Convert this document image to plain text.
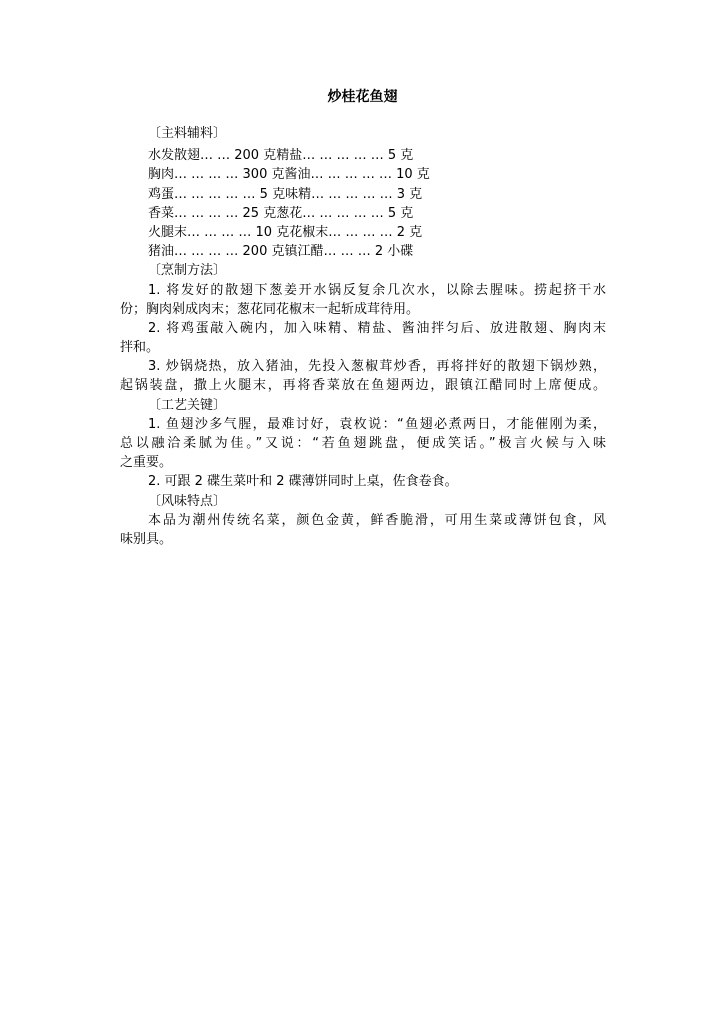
炒桂花鱼翅
〔主料辅料〕
水发散翅… … 200 克精盐… … … … … 5 克
胸肉… … … … 300 克酱油… … … … … 10 克
鸡蛋… … … … … 5 克味精… … … … … 3 克
香菜… … … … 25 克葱花… … … … … 5 克
火腿末… … … … 10 克花椒末… … … … 2 克
猪油… … … … 200 克镇江醋… … … 2 小碟
〔烹制方法〕
1. 将发好的散翅下葱姜开水锅反复余几次水，以除去腥味。捞起挤干水
份；胸肉剁成肉末；葱花同花椒末一起斩成茸待用。
2. 将鸡蛋敲入碗内，加入味精、精盐、酱油拌匀后、放进散翅、胸肉末
拌和。
3. 炒锅烧热，放入猪油，先投入葱椒茸炒香，再将拌好的散翅下锅炒熟，
起锅装盘，撒上火腿末，再将香菜放在鱼翅两边，跟镇江醋同时上席便成。
〔工艺关键〕
1. 鱼翅沙多气腥，最难讨好，袁枚说：“鱼翅必煮两日，才能催刚为柔，
总以融洽柔腻为佳。”又说：“若鱼翅跳盘，便成笑话。”极言火候与入味
之重要。
2. 可跟 2 碟生菜叶和 2 碟薄饼同时上桌，佐食卷食。
〔风味特点〕
本品为潮州传统名菜，颜色金黄，鲜香脆滑，可用生菜或薄饼包食，风
味别具。
